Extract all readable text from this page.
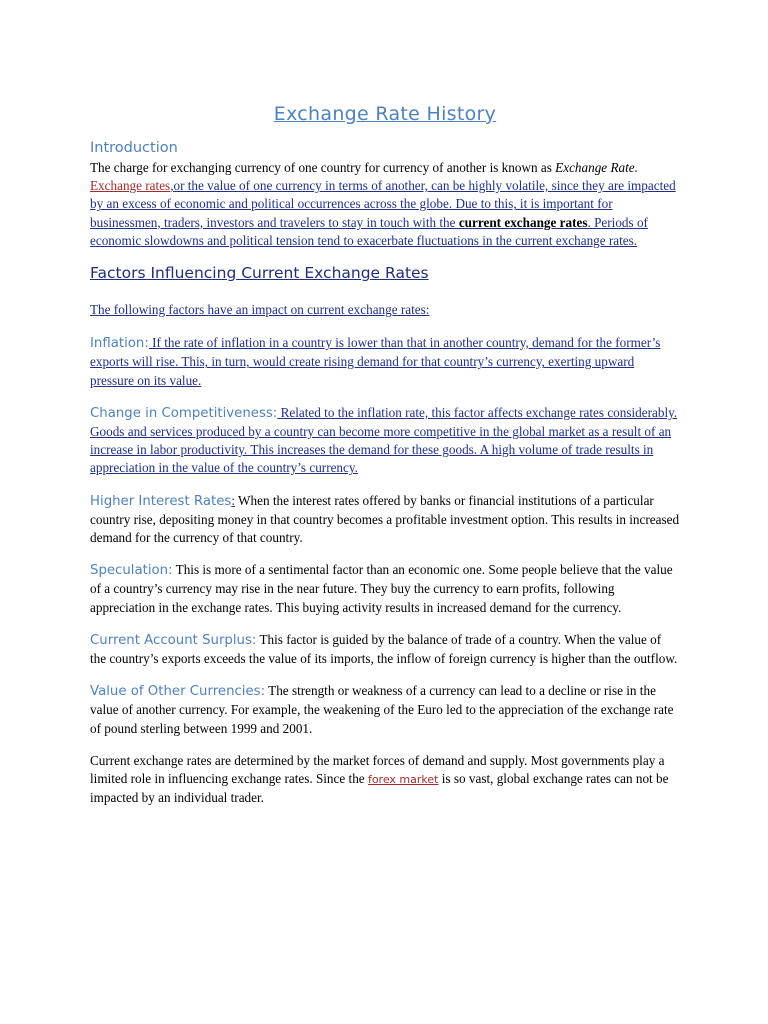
Exchange Rate History
Introduction

The charge for exchanging currency of one country for currency of another is known as Exchange Rate. Exchange rates,or the value of one currency in terms of another, can be highly volatile, since they are impacted by an excess of economic and political occurrences across the globe. Due to this, it is important for businessmen, traders, investors and travelers to stay in touch with the current exchange rates. Periods of economic slowdowns and political tension tend to exacerbate fluctuations in the current exchange rates.

Factors Influencing Current Exchange Rates

The following factors have an impact on current exchange rates:

Inflation: If the rate of inflation in a country is lower than that in another country, demand for the former’s exports will rise. This, in turn, would create rising demand for that country’s currency, exerting upward pressure on its value.

Change in Competitiveness: Related to the inflation rate, this factor affects exchange rates considerably. Goods and services produced by a country can become more competitive in the global market as a result of an increase in labor productivity. This increases the demand for these goods. A high volume of trade results in appreciation in the value of the country’s currency.

Higher Interest Rates: When the interest rates offered by banks or financial institutions of a particular country rise, depositing money in that country becomes a profitable investment option. This results in increased demand for the currency of that country.

Speculation: This is more of a sentimental factor than an economic one. Some people believe that the value of a country’s currency may rise in the near future. They buy the currency to earn profits, following appreciation in the exchange rates. This buying activity results in increased demand for the currency.

Current Account Surplus: This factor is guided by the balance of trade of a country. When the value of the country’s exports exceeds the value of its imports, the inflow of foreign currency is higher than the outflow.

Value of Other Currencies: The strength or weakness of a currency can lead to a decline or rise in the value of another currency. For example, the weakening of the Euro led to the appreciation of the exchange rate of pound sterling between 1999 and 2001.

Current exchange rates are determined by the market forces of demand and supply. Most governments play a limited role in influencing exchange rates. Since the forex market is so vast, global exchange rates can not be impacted by an individual trader.
